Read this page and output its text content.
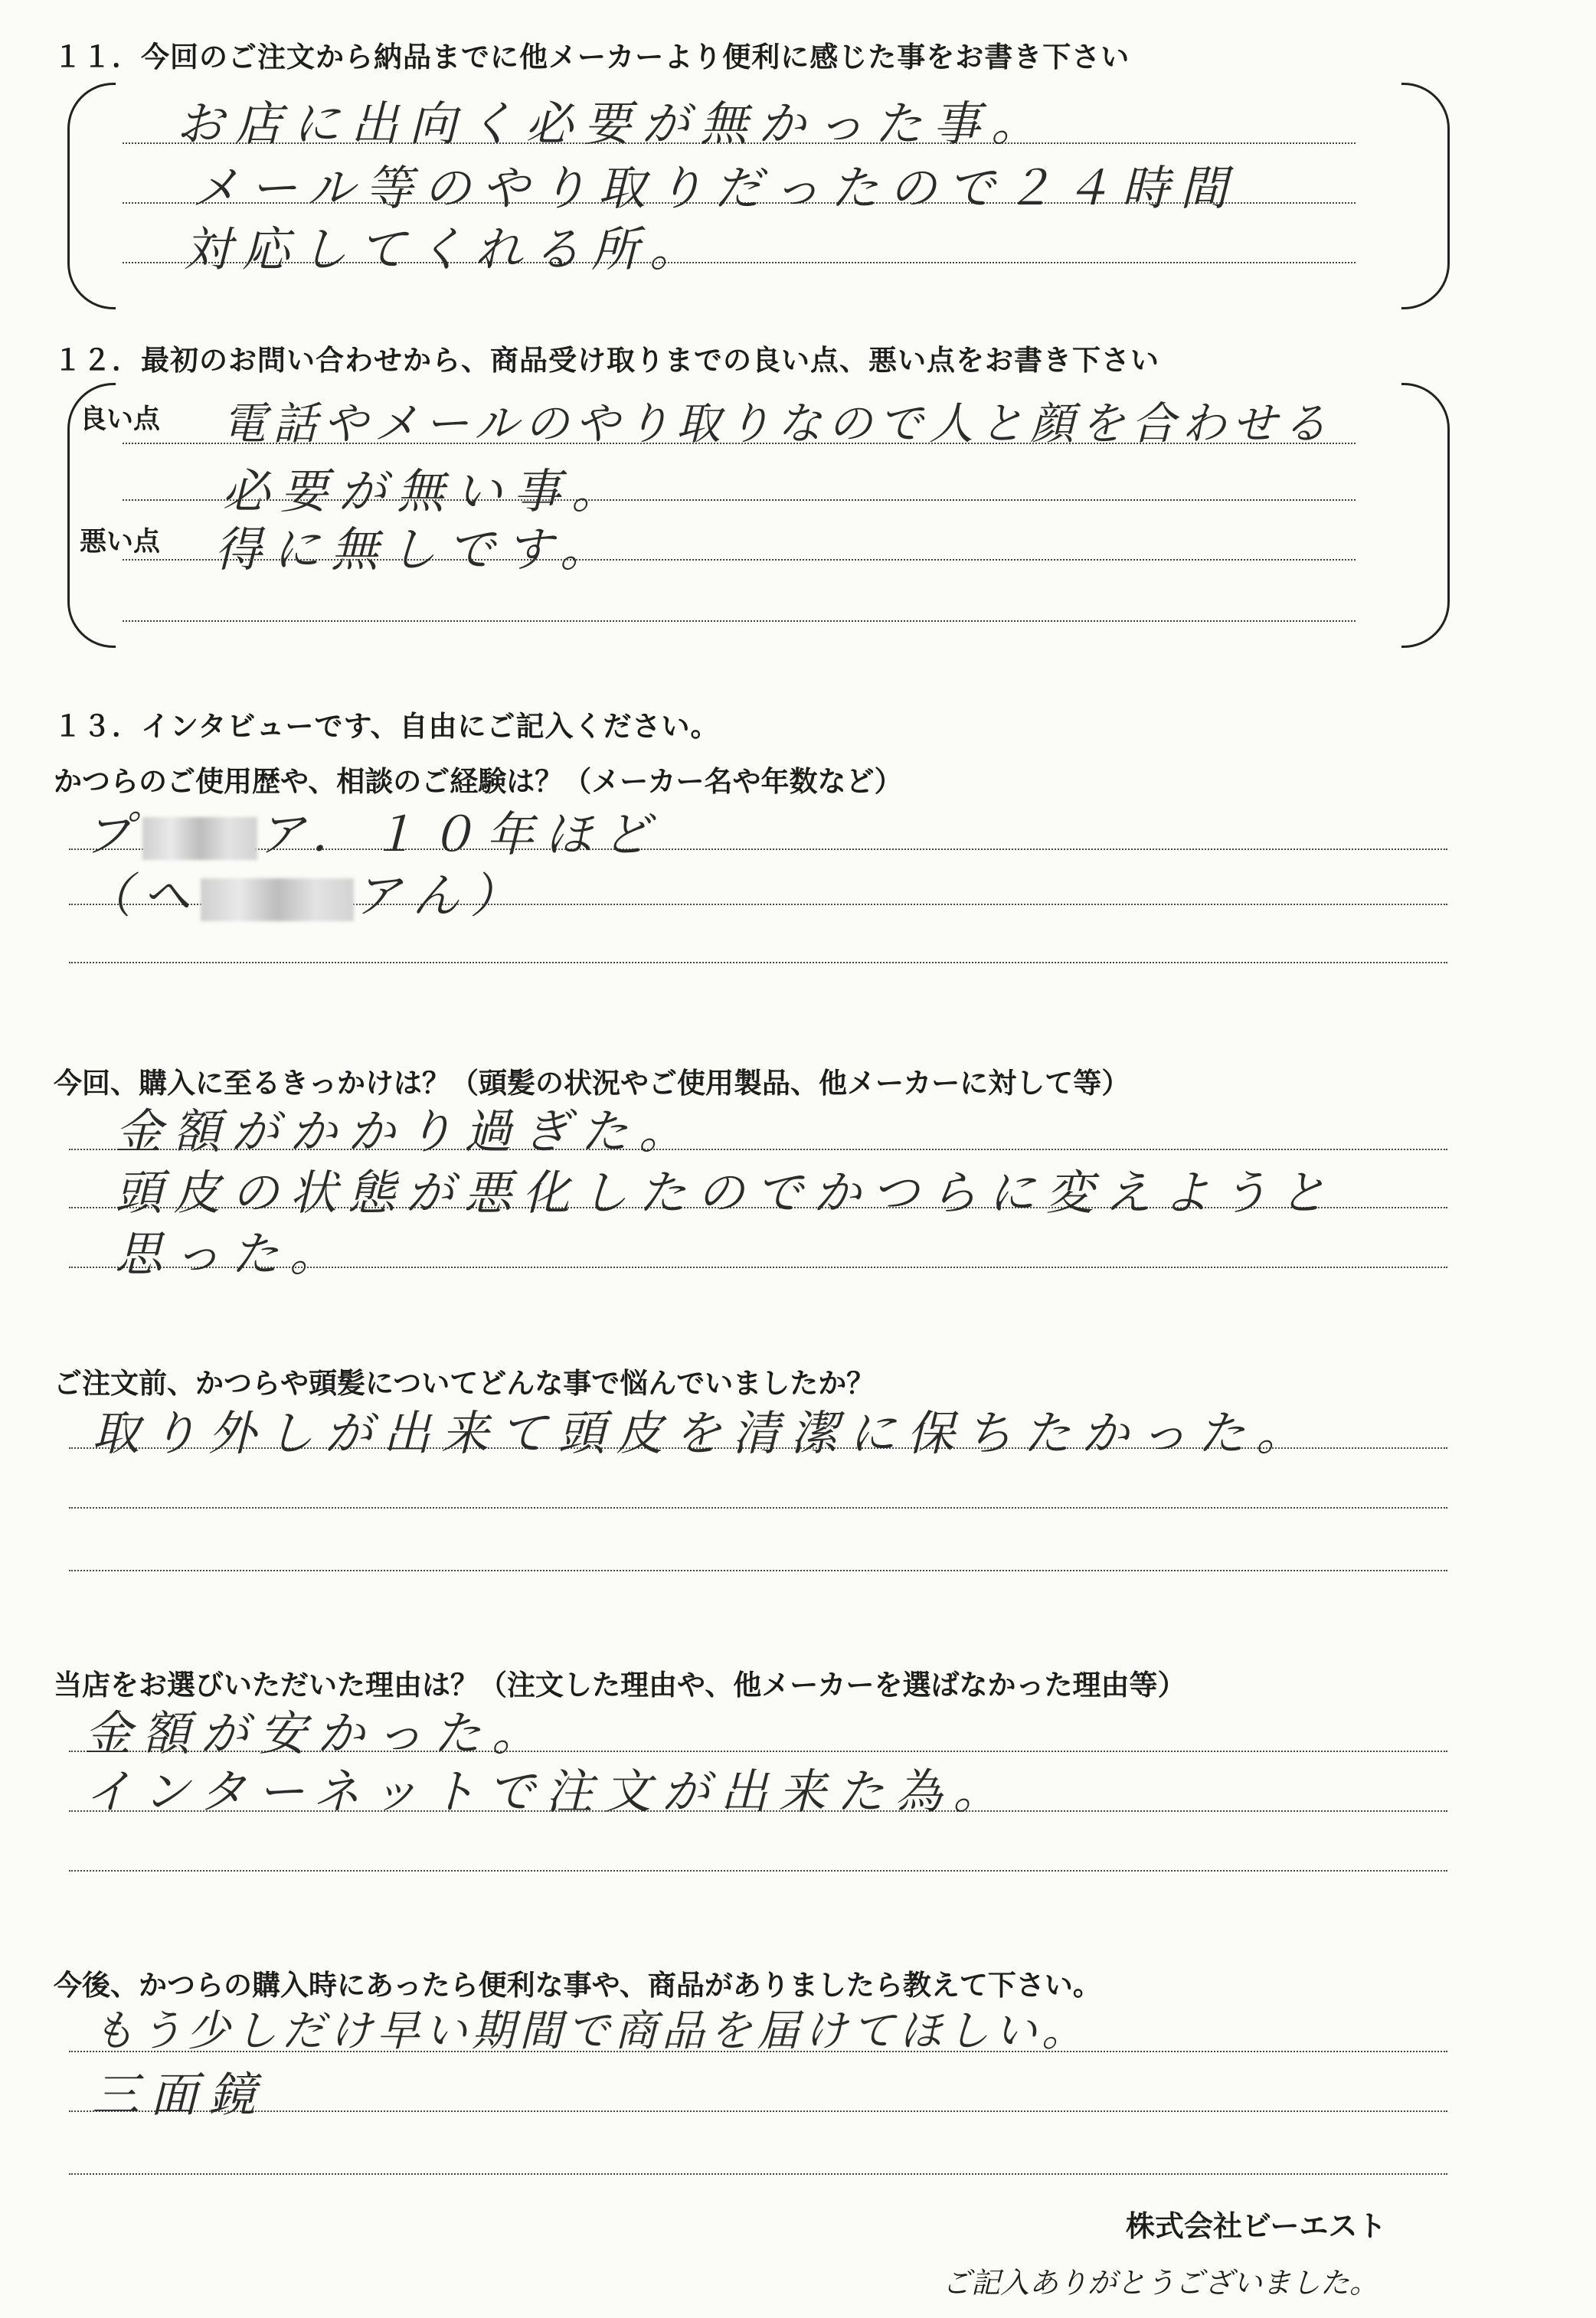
１１．今回のご注文から納品までに他メーカーより便利に感じた事をお書き下さい
お店に出向く必要が無かった事。
メール等のやり取りだったので２４時間
対応してくれる所。
１２．最初のお問い合わせから、商品受け取りまでの良い点、悪い点をお書き下さい
良い点
悪い点
電話やメールのやり取りなので人と顔を合わせる
必要が無い事。
得に無しです。
１３．インタビューです、自由にご記入ください。
かつらのご使用歴や、相談のご経験は？（メーカー名や年数など）
プ ア．１０年ほど
（ヘ	アん）
今回、購入に至るきっかけは？（頭髪の状況やご使用製品、他メーカーに対して等）
金額がかかり過ぎた。
頭皮の状態が悪化したのでかつらに変えようと
思った。
ご注文前、かつらや頭髪についてどんな事で悩んでいましたか？
取り外しが出来て頭皮を清潔に保ちたかった。
当店をお選びいただいた理由は？（注文した理由や、他メーカーを選ばなかった理由等）
金額が安かった。
インターネットで注文が出来た為。
今後、かつらの購入時にあったら便利な事や、商品がありましたら教えて下さい。
もう少しだけ早い期間で商品を届けてほしい。
三面鏡
株式会社ビーエスト
ご記入ありがとうございました。
